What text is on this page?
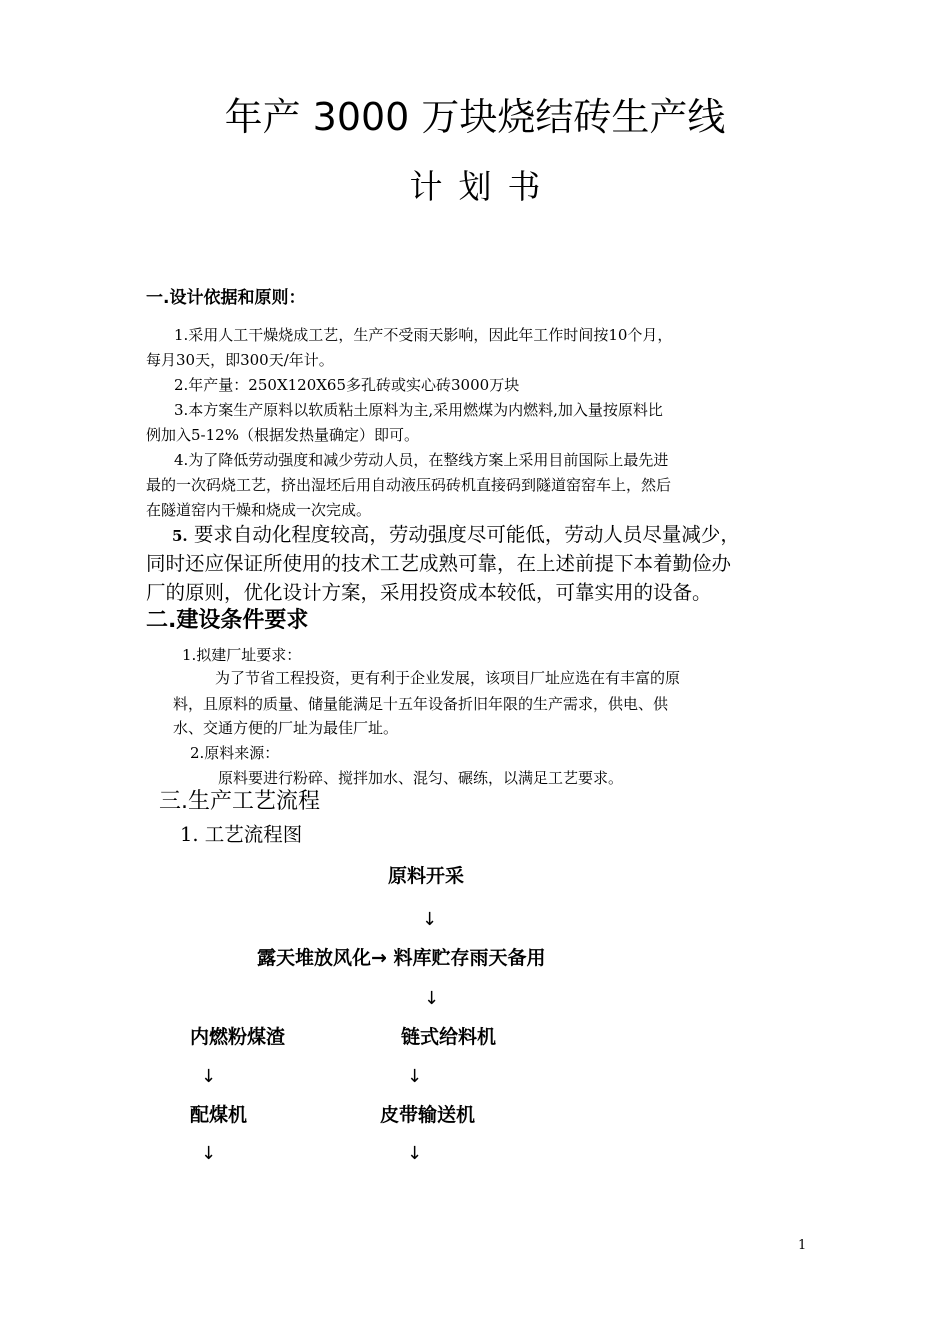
年产 3000 万块烧结砖生产线
计划书
一.设计依据和原则：
1.采用人工干燥烧成工艺，生产不受雨天影响，因此年工作时间按10个月，
每月30天，即300天/年计。
2.年产量：250X120X65多孔砖或实心砖3000万块
3.本方案生产原料以软质粘土原料为主,采用燃煤为内燃料,加入量按原料比
例加入5-12%（根据发热量确定）即可。
4.为了降低劳动强度和减少劳动人员，在整线方案上采用目前国际上最先进
最的一次码烧工艺，挤出湿坯后用自动液压码砖机直接码到隧道窑窑车上，然后
在隧道窑内干燥和烧成一次完成。
5. 要求自动化程度较高，劳动强度尽可能低，劳动人员尽量减少，
同时还应保证所使用的技术工艺成熟可靠，在上述前提下本着勤俭办
厂的原则，优化设计方案，采用投资成本较低，可靠实用的设备。
二.建设条件要求
1.拟建厂址要求：
为了节省工程投资，更有利于企业发展，该项目厂址应选在有丰富的原
料，且原料的质量、储量能满足十五年设备折旧年限的生产需求，供电、供
水、交通方便的厂址为最佳厂址。
2.原料来源：
原料要进行粉碎、搅拌加水、混匀、碾练，以满足工艺要求。
三.生产工艺流程
1. 工艺流程图
原料开采
↓
露天堆放风化→ 料库贮存雨天备用
↓
内燃粉煤渣	链式给料机
↓	↓
配煤机	皮带输送机
↓	↓
1
